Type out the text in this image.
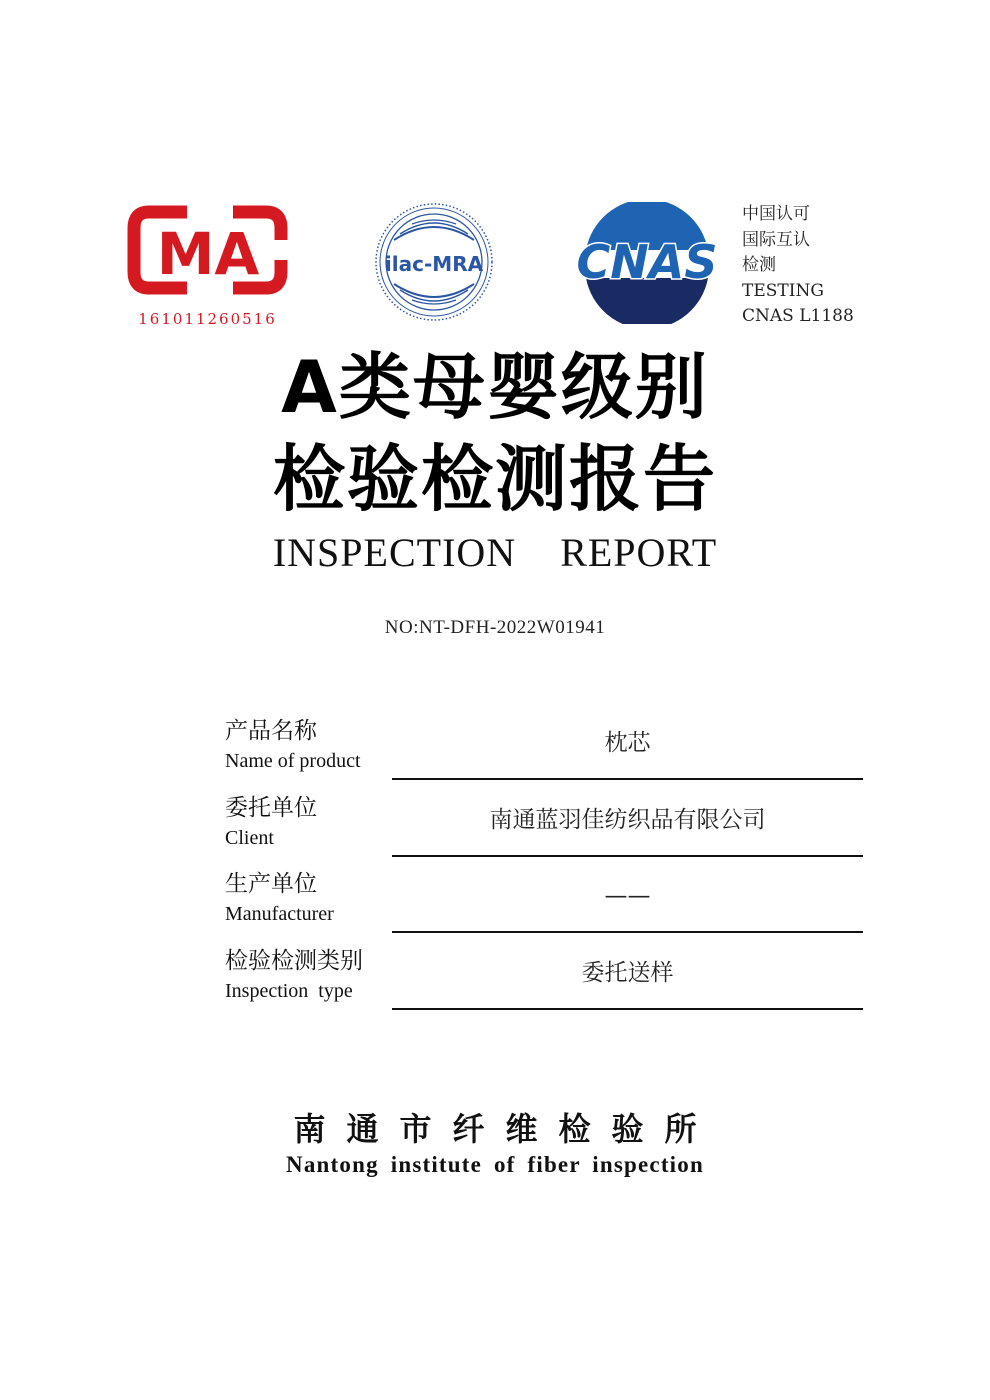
MA
161011260516
ilac-MRA CNAS
中国认可
国际互认
检测
TESTING
CNAS L1188
A类母婴级别
检验检测报告
INSPECTION REPORT
NO:NT-DFH-2022W01941
产品名称
Name of product
枕芯
委托单位
Client
南通蓝羽佳纺织品有限公司
生产单位
Manufacturer
——
检验检测类别
Inspection  type
委托送样
南通市纤维检验所
Nantong institute of fiber inspection
